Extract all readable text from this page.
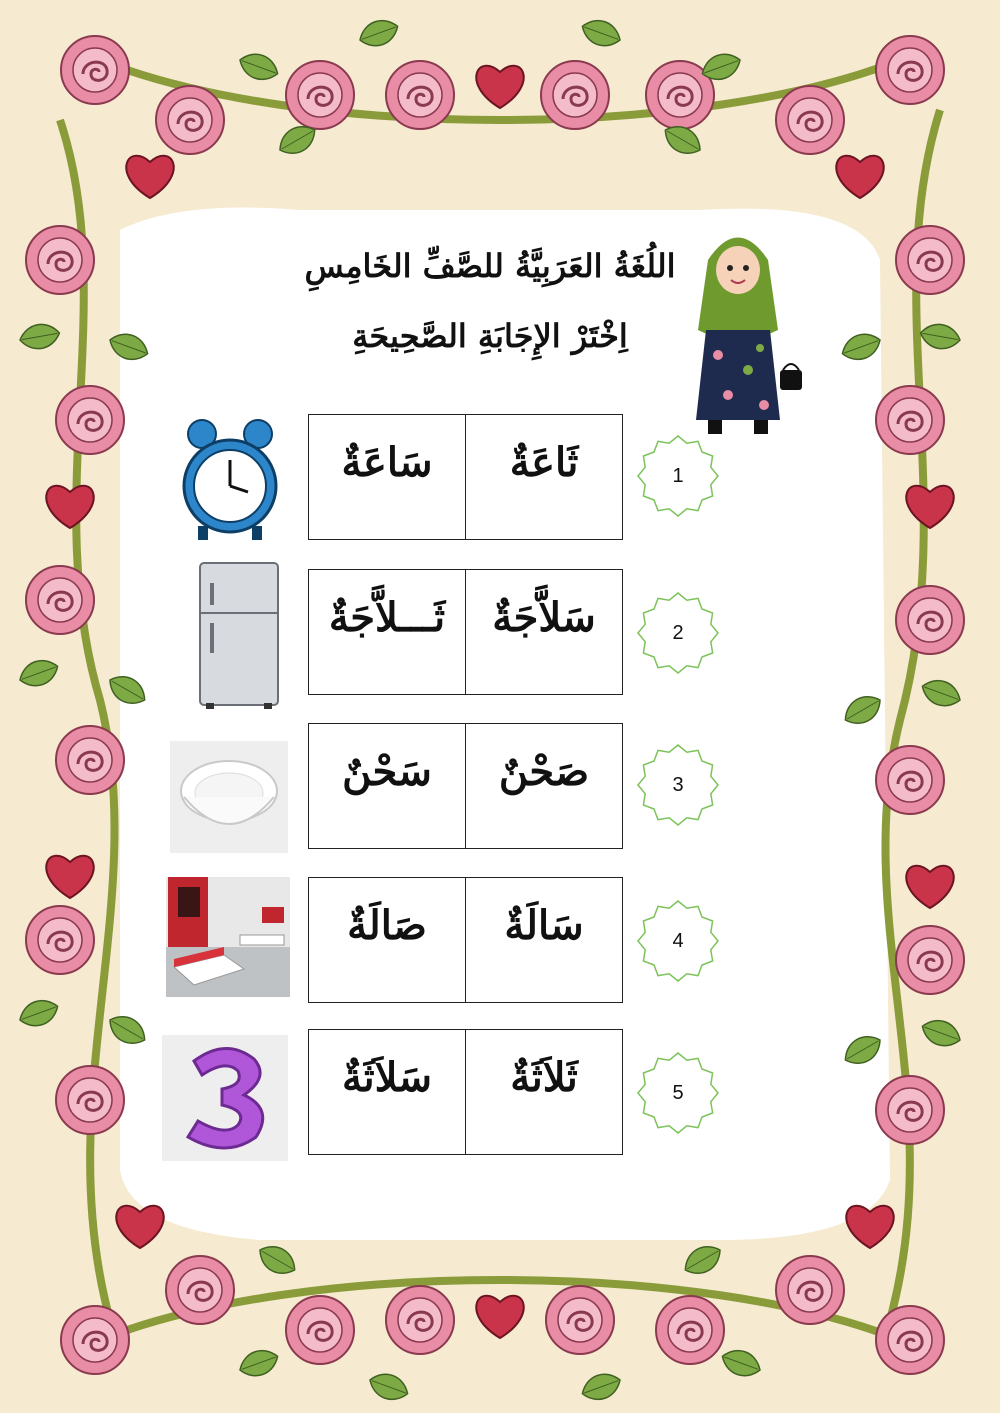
اللُغَةُ العَرَبِيَّةُ للصَّفِّ الخَامِسِ
اِخْتَرْ الإِجَابَةِ الصَّحِيحَةِ
سَاعَةٌ	ثَاعَةٌ	1
ثَـــلاَّجَةٌ	سَلاَّجَةٌ	2
سَحْنٌ	صَحْنٌ	3
صَالَةٌ	سَالَةٌ	4
سَلاَثَةٌ	ثَلاَثَةٌ	5
